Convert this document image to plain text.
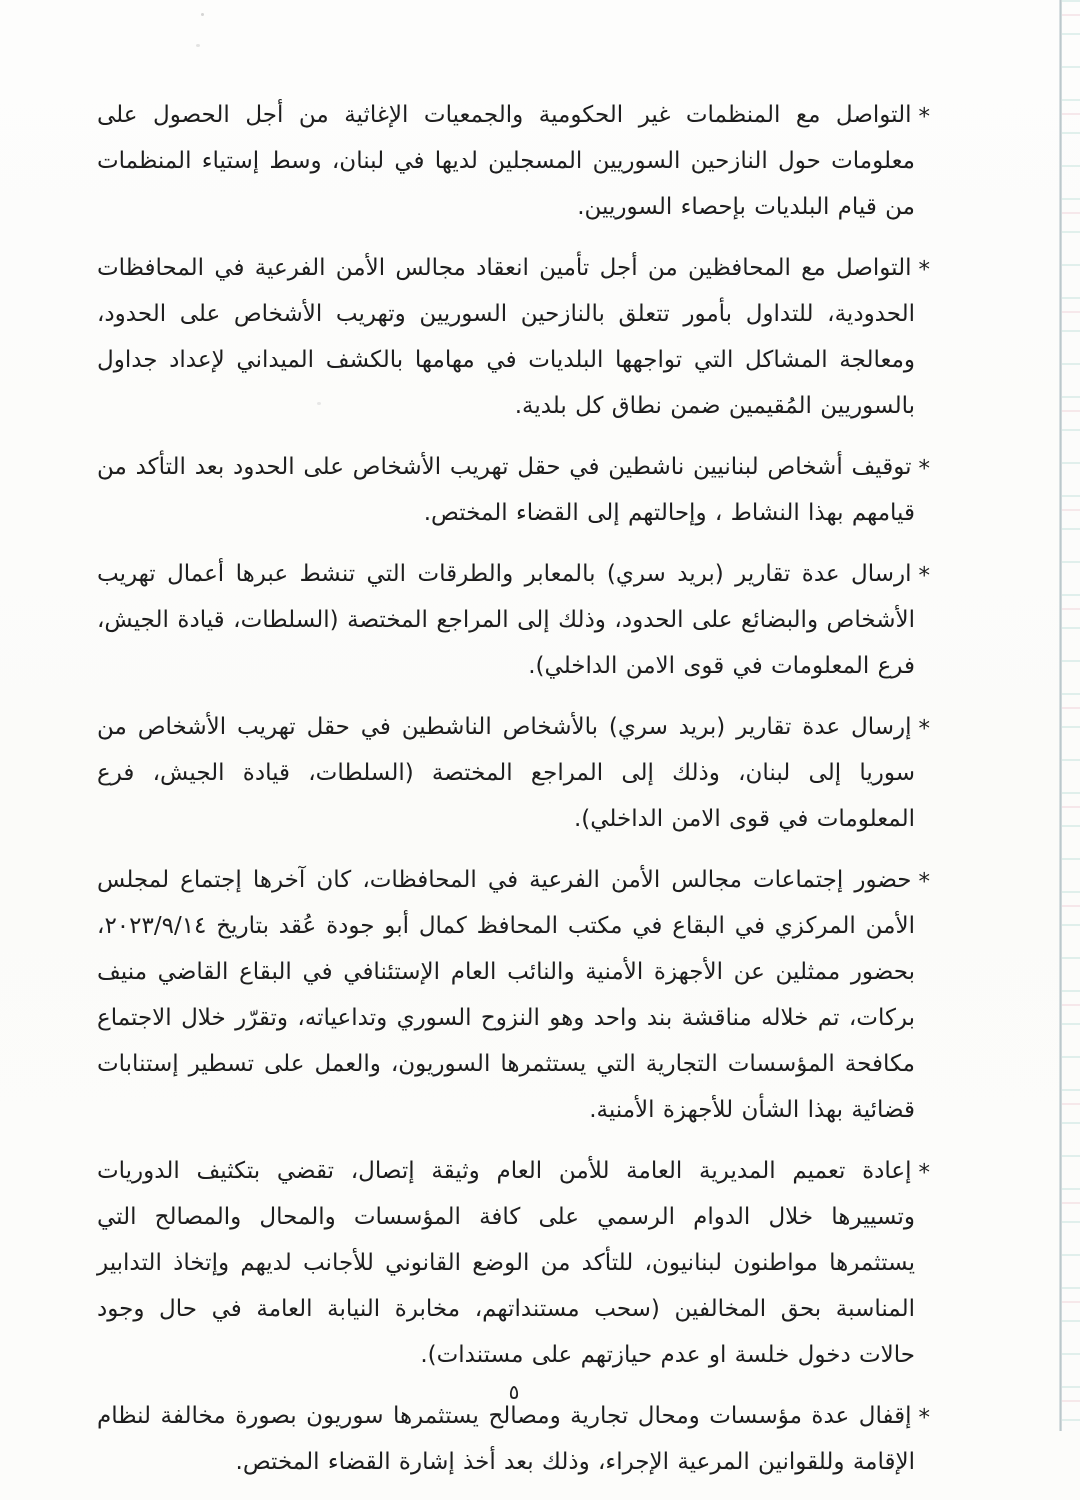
*التواصل مع المنظمات غير الحكومية والجمعيات الإغاثية من أجل الحصول على معلومات حول النازحين السوريين المسجلين لديها في لبنان، وسط إستياء المنظمات من قيام البلديات بإحصاء السوريين.

*التواصل مع المحافظين من أجل تأمين انعقاد مجالس الأمن الفرعية في المحافظات الحدودية، للتداول بأمور تتعلق بالنازحين السوريين وتهريب الأشخاص على الحدود، ومعالجة المشاكل التي تواجهها البلديات في مهامها بالكشف الميداني لإعداد جداول بالسوريين المُقيمين ضمن نطاق كل بلدية.

*توقيف أشخاص لبنانيين ناشطين في حقل تهريب الأشخاص على الحدود بعد التأكد من قيامهم بهذا النشاط ، وإحالتهم إلى القضاء المختص.

*ارسال عدة تقارير (بريد سري) بالمعابر والطرقات التي تنشط عبرها أعمال تهريب الأشخاص والبضائع على الحدود، وذلك إلى المراجع المختصة (السلطات، قيادة الجيش، فرع المعلومات في قوى الامن الداخلي).

*إرسال عدة تقارير (بريد سري) بالأشخاص الناشطين في حقل تهريب الأشخاص من سوريا إلى لبنان، وذلك إلى المراجع المختصة (السلطات، قيادة الجيش، فرع المعلومات في قوى الامن الداخلي).

*حضور إجتماعات مجالس الأمن الفرعية في المحافظات، كان آخرها إجتماع لمجلس الأمن المركزي في البقاع في مكتب المحافظ كمال أبو جودة عُقد بتاريخ ٢٠٢٣/٩/١٤، بحضور ممثلين عن الأجهزة الأمنية والنائب العام الإستئنافي في البقاع القاضي منيف بركات، تم خلاله مناقشة بند واحد وهو النزوح السوري وتداعياته، وتقرّر خلال الاجتماع مكافحة المؤسسات التجارية التي يستثمرها السوريون، والعمل على تسطير إستنابات قضائية بهذا الشأن للأجهزة الأمنية.

*إعادة تعميم المديرية العامة للأمن العام وثيقة إتصال، تقضي بتكثيف الدوريات وتسييرها خلال الدوام الرسمي على كافة المؤسسات والمحال والمصالح التي يستثمرها مواطنون لبنانيون، للتأكد من الوضع القانوني للأجانب لديهم وإتخاذ التدابير المناسبة بحق المخالفين (سحب مستنداتهم، مخابرة النيابة العامة في حال وجود حالات دخول خلسة او عدم حيازتهم على مستندات).

*إقفال عدة مؤسسات ومحال تجارية ومصالح يستثمرها سوريون بصورة مخالفة لنظام الإقامة وللقوانين المرعية الإجراء، وذلك بعد أخذ إشارة القضاء المختص.

٥
